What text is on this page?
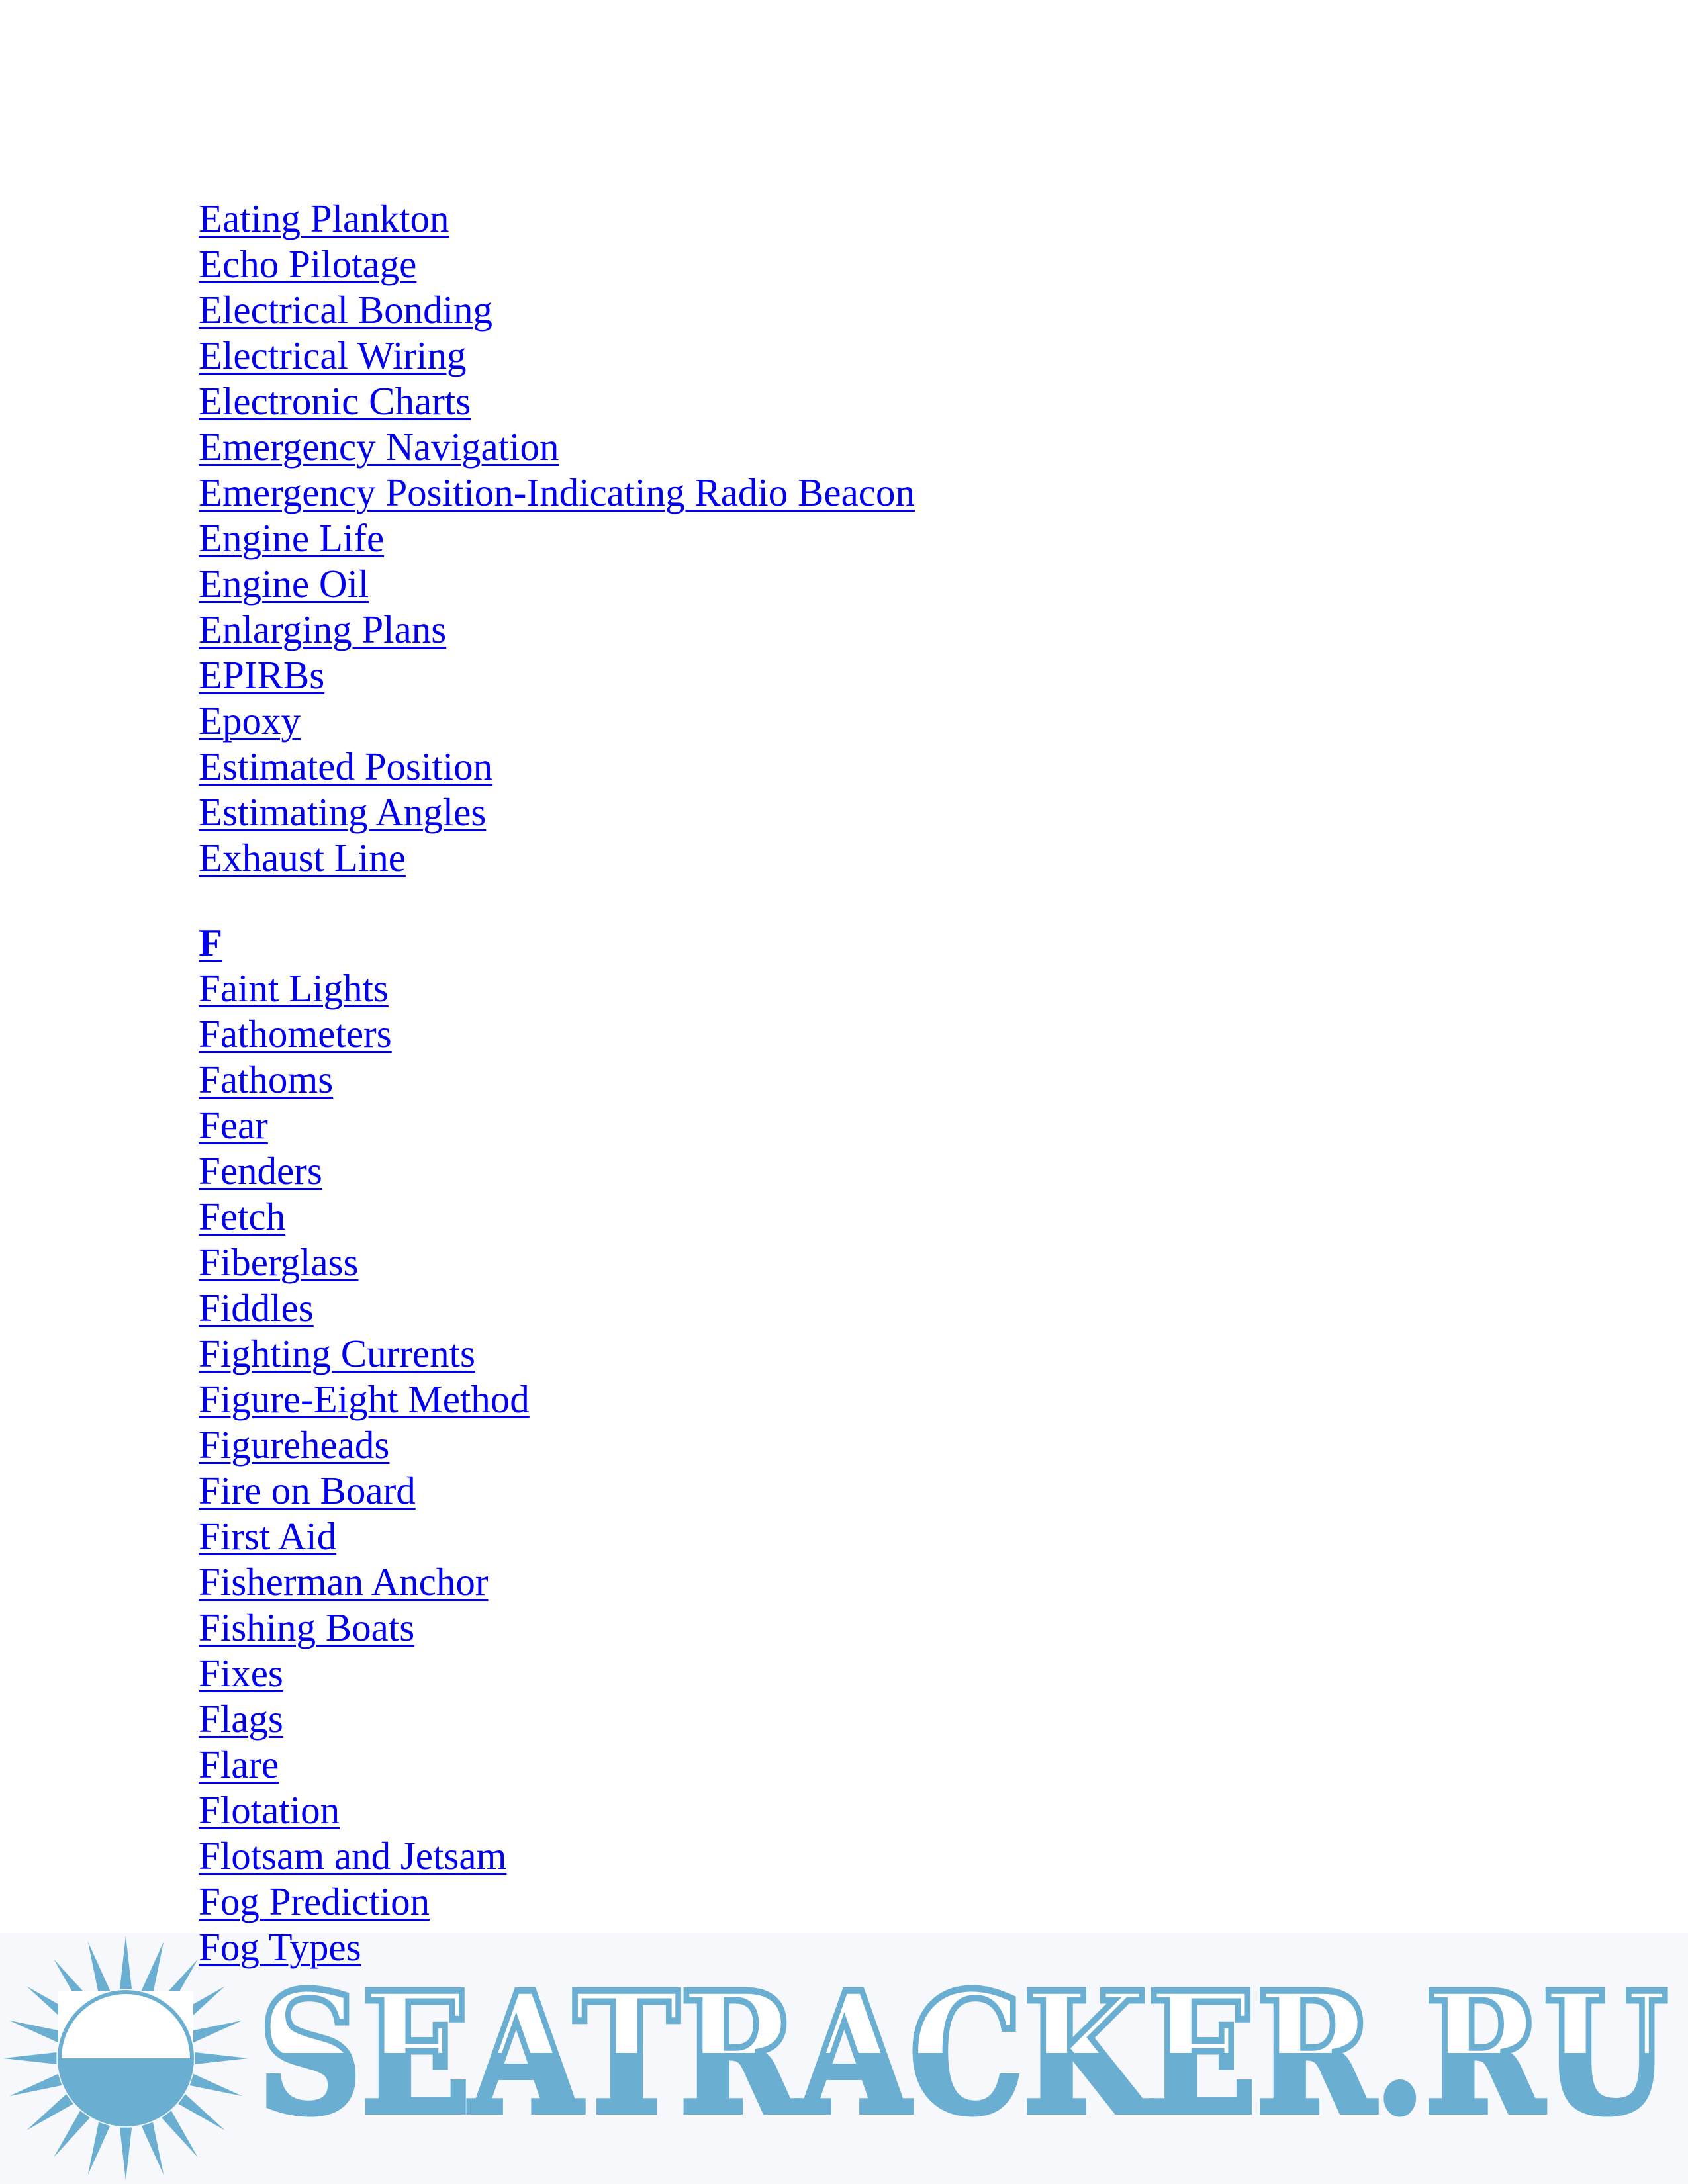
Eating Plankton
Echo Pilotage
Electrical Bonding
Electrical Wiring
Electronic Charts
Emergency Navigation
Emergency Position-Indicating Radio Beacon
Engine Life
Engine Oil
Enlarging Plans
EPIRBs
Epoxy
Estimated Position
Estimating Angles
Exhaust Line
F
Faint Lights
Fathometers
Fathoms
Fear
Fenders
Fetch
Fiberglass
Fiddles
Fighting Currents
Figure-Eight Method
Figureheads
Fire on Board
First Aid
Fisherman Anchor
Fishing Boats
Fixes
Flags
Flare
Flotation
Flotsam and Jetsam
Fog Prediction
Fog Types
SEATRACKER.RU
